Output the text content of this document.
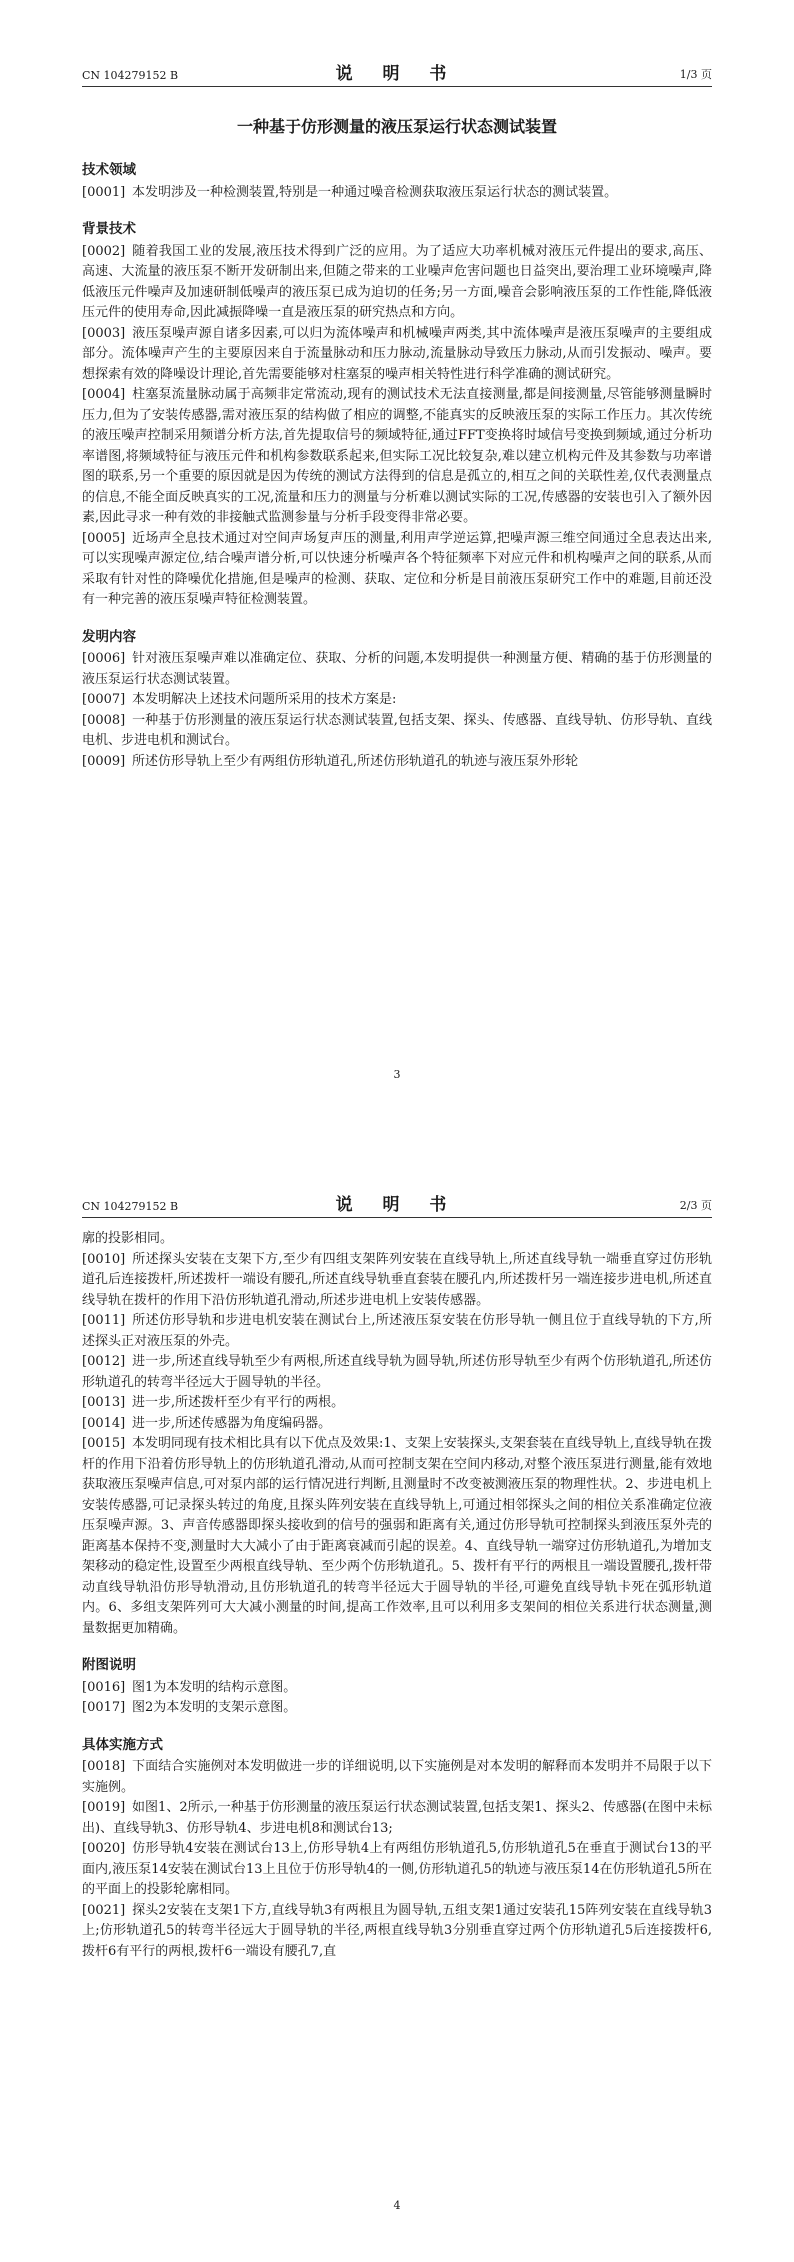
CN 104279152 B	说 明 书	1/3 页
一种基于仿形测量的液压泵运行状态测试装置
技术领域

[0001] 本发明涉及一种检测装置,特别是一种通过噪音检测获取液压泵运行状态的测试装置。

背景技术

[0002] 随着我国工业的发展,液压技术得到广泛的应用。为了适应大功率机械对液压元件提出的要求,高压、高速、大流量的液压泵不断开发研制出来,但随之带来的工业噪声危害问题也日益突出,要治理工业环境噪声,降低液压元件噪声及加速研制低噪声的液压泵已成为迫切的任务;另一方面,噪音会影响液压泵的工作性能,降低液压元件的使用寿命,因此减振降噪一直是液压泵的研究热点和方向。

[0003] 液压泵噪声源自诸多因素,可以归为流体噪声和机械噪声两类,其中流体噪声是液压泵噪声的主要组成部分。流体噪声产生的主要原因来自于流量脉动和压力脉动,流量脉动导致压力脉动,从而引发振动、噪声。要想探索有效的降噪设计理论,首先需要能够对柱塞泵的噪声相关特性进行科学准确的测试研究。

[0004] 柱塞泵流量脉动属于高频非定常流动,现有的测试技术无法直接测量,都是间接测量,尽管能够测量瞬时压力,但为了安装传感器,需对液压泵的结构做了相应的调整,不能真实的反映液压泵的实际工作压力。其次传统的液压噪声控制采用频谱分析方法,首先提取信号的频域特征,通过FFT变换将时域信号变换到频域,通过分析功率谱图,将频域特征与液压元件和机构参数联系起来,但实际工况比较复杂,难以建立机构元件及其参数与功率谱图的联系,另一个重要的原因就是因为传统的测试方法得到的信息是孤立的,相互之间的关联性差,仅代表测量点的信息,不能全面反映真实的工况,流量和压力的测量与分析难以测试实际的工况,传感器的安装也引入了额外因素,因此寻求一种有效的非接触式监测参量与分析手段变得非常必要。

[0005] 近场声全息技术通过对空间声场复声压的测量,利用声学逆运算,把噪声源三维空间通过全息表达出来,可以实现噪声源定位,结合噪声谱分析,可以快速分析噪声各个特征频率下对应元件和机构噪声之间的联系,从而采取有针对性的降噪优化措施,但是噪声的检测、获取、定位和分析是目前液压泵研究工作中的难题,目前还没有一种完善的液压泵噪声特征检测装置。

发明内容

[0006] 针对液压泵噪声难以准确定位、获取、分析的问题,本发明提供一种测量方便、精确的基于仿形测量的液压泵运行状态测试装置。

[0007] 本发明解决上述技术问题所采用的技术方案是:

[0008] 一种基于仿形测量的液压泵运行状态测试装置,包括支架、探头、传感器、直线导轨、仿形导轨、直线电机、步进电机和测试台。

[0009] 所述仿形导轨上至少有两组仿形轨道孔,所述仿形轨道孔的轨迹与液压泵外形轮

3
CN 104279152 B	说 明 书	2/3 页

廓的投影相同。

[0010] 所述探头安装在支架下方,至少有四组支架阵列安装在直线导轨上,所述直线导轨一端垂直穿过仿形轨道孔后连接拨杆,所述拨杆一端设有腰孔,所述直线导轨垂直套装在腰孔内,所述拨杆另一端连接步进电机,所述直线导轨在拨杆的作用下沿仿形轨道孔滑动,所述步进电机上安装传感器。

[0011] 所述仿形导轨和步进电机安装在测试台上,所述液压泵安装在仿形导轨一侧且位于直线导轨的下方,所述探头正对液压泵的外壳。

[0012] 进一步,所述直线导轨至少有两根,所述直线导轨为圆导轨,所述仿形导轨至少有两个仿形轨道孔,所述仿形轨道孔的转弯半径远大于圆导轨的半径。

[0013] 进一步,所述拨杆至少有平行的两根。

[0014] 进一步,所述传感器为角度编码器。

[0015] 本发明同现有技术相比具有以下优点及效果:1、支架上安装探头,支架套装在直线导轨上,直线导轨在拨杆的作用下沿着仿形导轨上的仿形轨道孔滑动,从而可控制支架在空间内移动,对整个液压泵进行测量,能有效地获取液压泵噪声信息,可对泵内部的运行情况进行判断,且测量时不改变被测液压泵的物理性状。2、步进电机上安装传感器,可记录探头转过的角度,且探头阵列安装在直线导轨上,可通过相邻探头之间的相位关系准确定位液压泵噪声源。3、声音传感器即探头接收到的信号的强弱和距离有关,通过仿形导轨可控制探头到液压泵外壳的距离基本保持不变,测量时大大减小了由于距离衰减而引起的误差。4、直线导轨一端穿过仿形轨道孔,为增加支架移动的稳定性,设置至少两根直线导轨、至少两个仿形轨道孔。5、拨杆有平行的两根且一端设置腰孔,拨杆带动直线导轨沿仿形导轨滑动,且仿形轨道孔的转弯半径远大于圆导轨的半径,可避免直线导轨卡死在弧形轨道内。6、多组支架阵列可大大减小测量的时间,提高工作效率,且可以利用多支架间的相位关系进行状态测量,测量数据更加精确。

附图说明

[0016] 图1为本发明的结构示意图。

[0017] 图2为本发明的支架示意图。

具体实施方式

[0018] 下面结合实施例对本发明做进一步的详细说明,以下实施例是对本发明的解释而本发明并不局限于以下实施例。

[0019] 如图1、2所示,一种基于仿形测量的液压泵运行状态测试装置,包括支架1、探头2、传感器(在图中未标出)、直线导轨3、仿形导轨4、步进电机8和测试台13;

[0020] 仿形导轨4安装在测试台13上,仿形导轨4上有两组仿形轨道孔5,仿形轨道孔5在垂直于测试台13的平面内,液压泵14安装在测试台13上且位于仿形导轨4的一侧,仿形轨道孔5的轨迹与液压泵14在仿形轨道孔5所在的平面上的投影轮廓相同。

[0021] 探头2安装在支架1下方,直线导轨3有两根且为圆导轨,五组支架1通过安装孔15阵列安装在直线导轨3上;仿形轨道孔5的转弯半径远大于圆导轨的半径,两根直线导轨3分别垂直穿过两个仿形轨道孔5后连接拨杆6,拨杆6有平行的两根,拨杆6一端设有腰孔7,直

4
